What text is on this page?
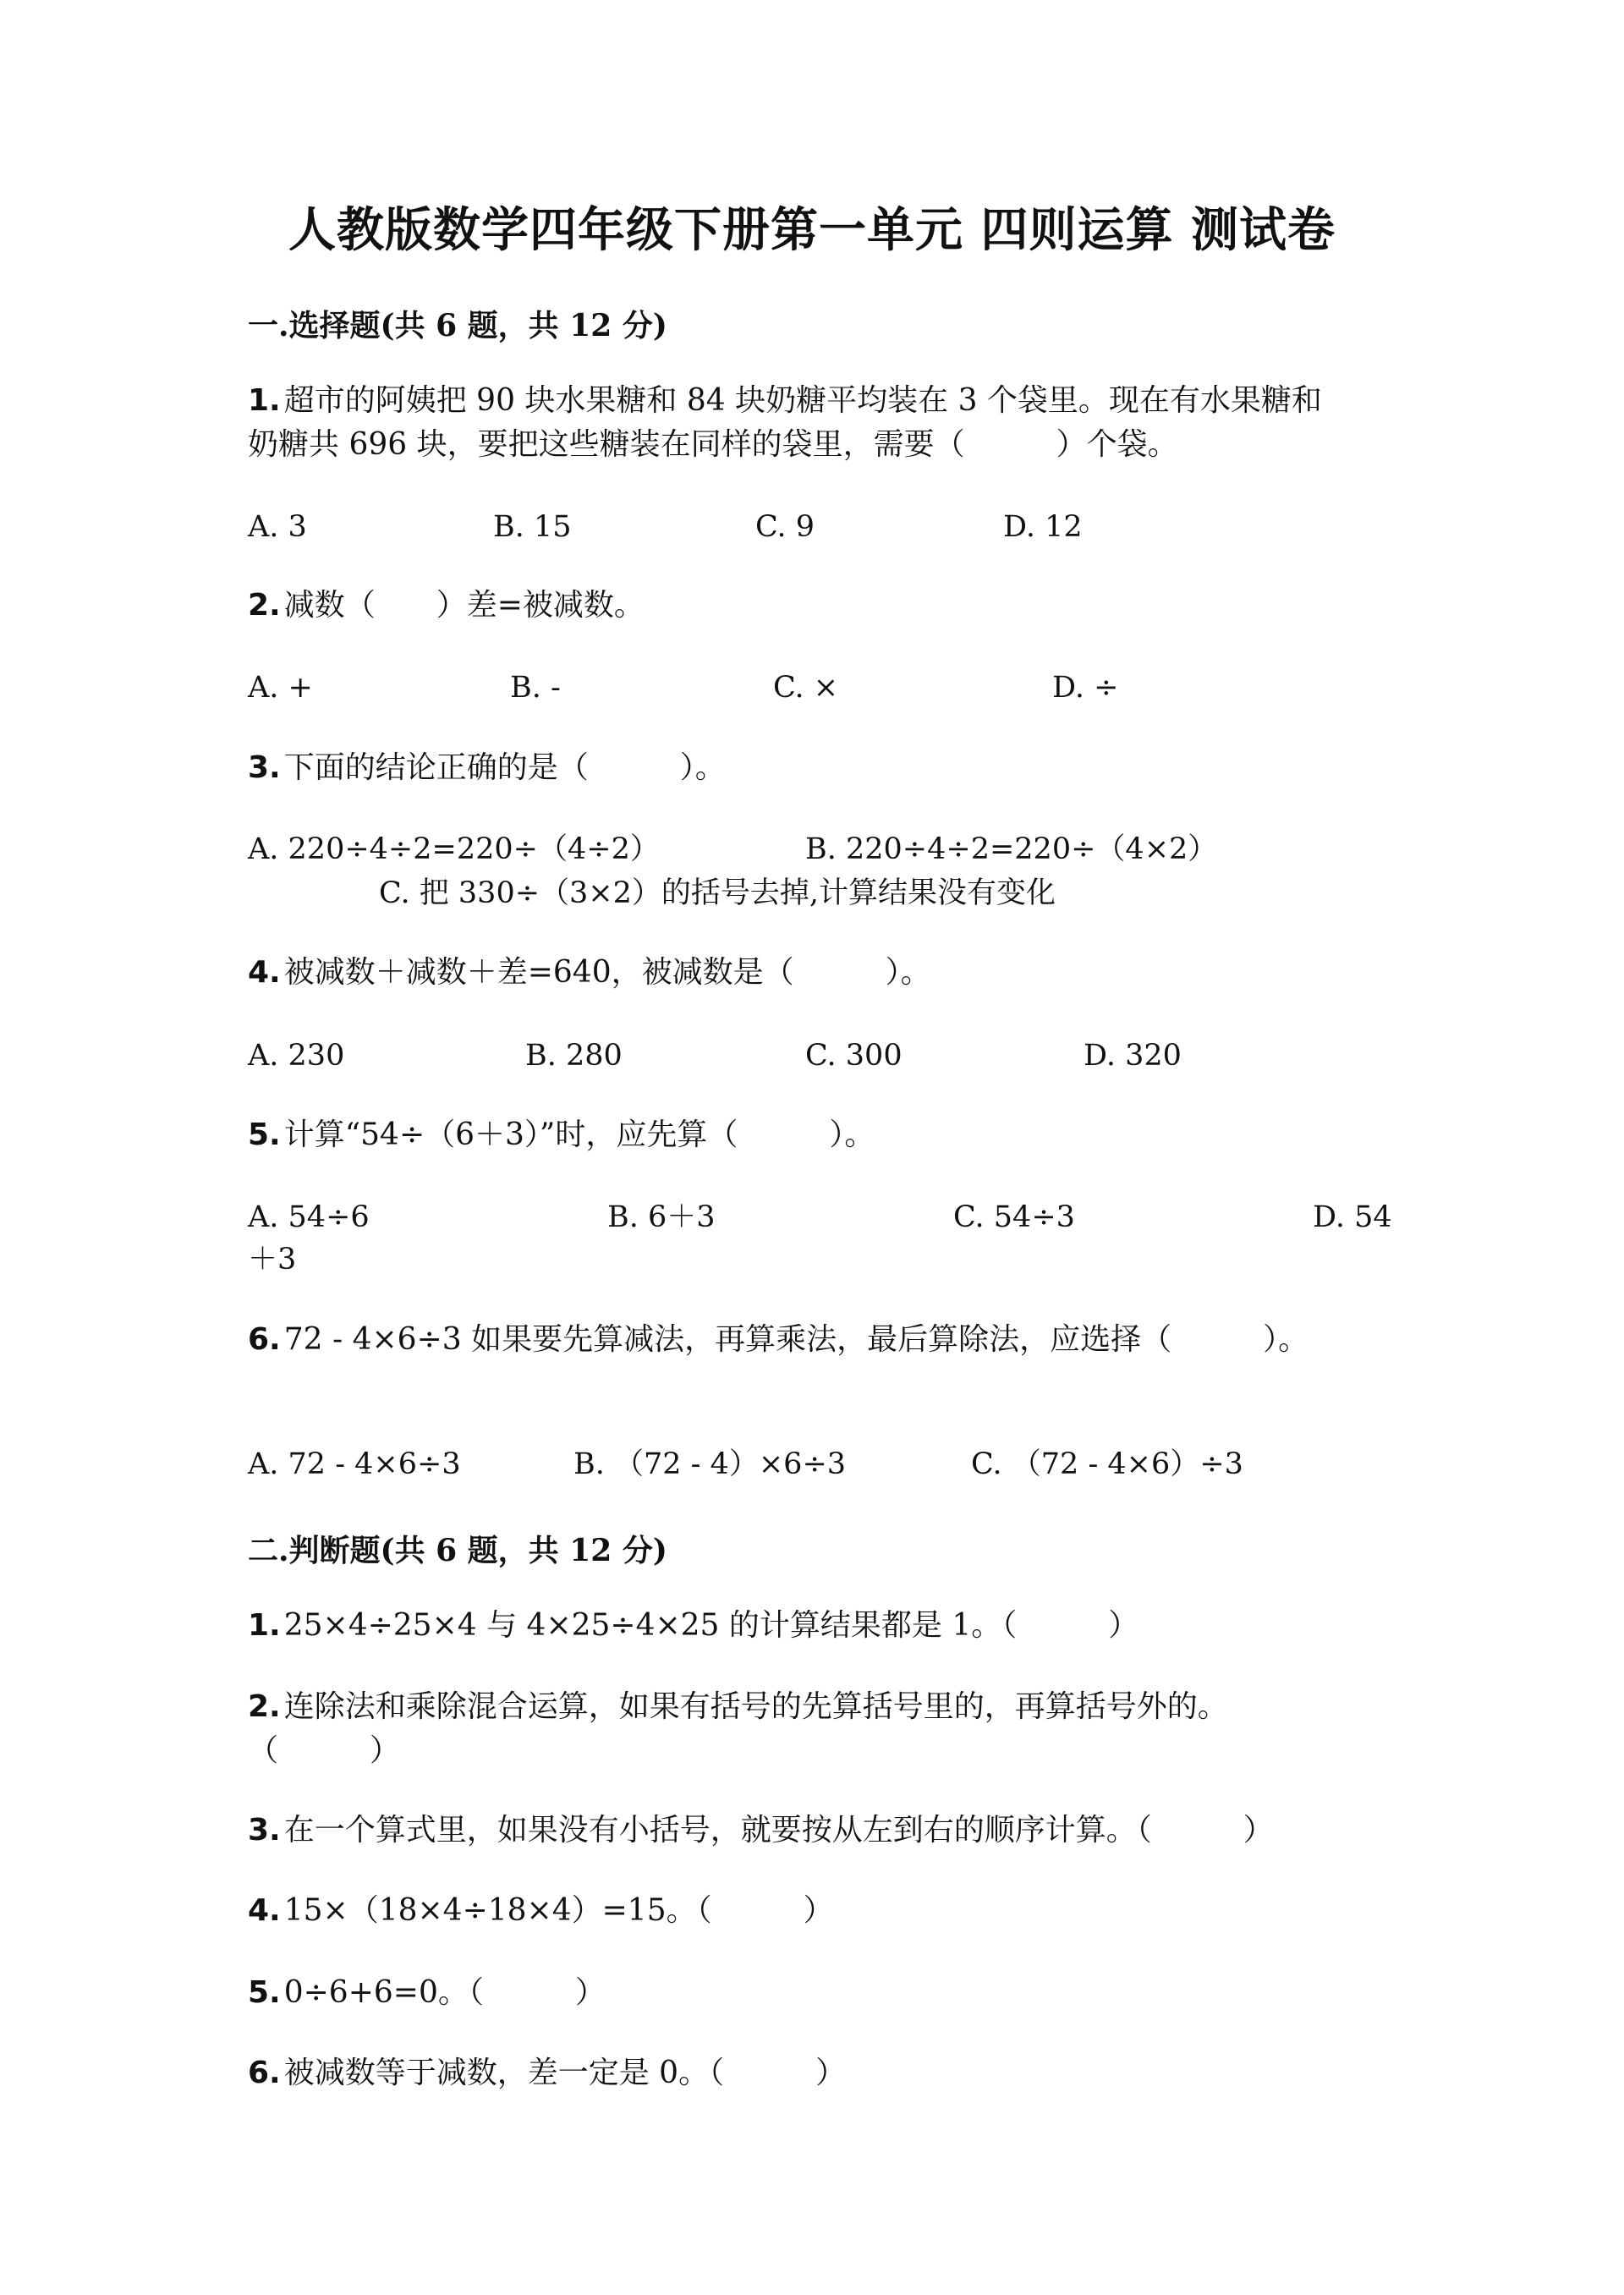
人教版数学四年级下册第一单元 四则运算 测试卷
一.选择题(共 6 题，共 12 分)
1. 超市的阿姨把 90 块水果糖和 84 块奶糖平均装在 3 个袋里。现在有水果糖和
奶糖共 696 块，要把这些糖装在同样的袋里，需要（　　　）个袋。
A. 3	B. 15	C. 9	D. 12
2. 减数（　　）差=被减数。
A. +	B. -	C. ×	D. ÷
3. 下面的结论正确的是（　　　）。
A. 220÷4÷2=220÷（4÷2）	B. 220÷4÷2=220÷（4×2）
C. 把 330÷（3×2）的括号去掉,计算结果没有变化
4. 被减数＋减数＋差=640，被减数是（　　　）。
A. 230	B. 280	C. 300	D. 320
5. 计算“54÷（6＋3）”时，应先算（　　　）。
A. 54÷6	B. 6＋3	C. 54÷3	D. 54
＋3
6. 72 - 4×6÷3 如果要先算减法，再算乘法，最后算除法，应选择（　　　）。
A. 72 - 4×6÷3	B. （72 - 4）×6÷3	C. （72 - 4×6）÷3
二.判断题(共 6 题，共 12 分)
1. 25×4÷25×4 与 4×25÷4×25 的计算结果都是 1。（　　　）
2. 连除法和乘除混合运算，如果有括号的先算括号里的，再算括号外的。
（　　　）
3. 在一个算式里，如果没有小括号，就要按从左到右的顺序计算。（　　　）
4. 15×（18×4÷18×4）=15。（　　　）
5. 0÷6+6=0。（　　　）
6. 被减数等于减数，差一定是 0。（　　　）
